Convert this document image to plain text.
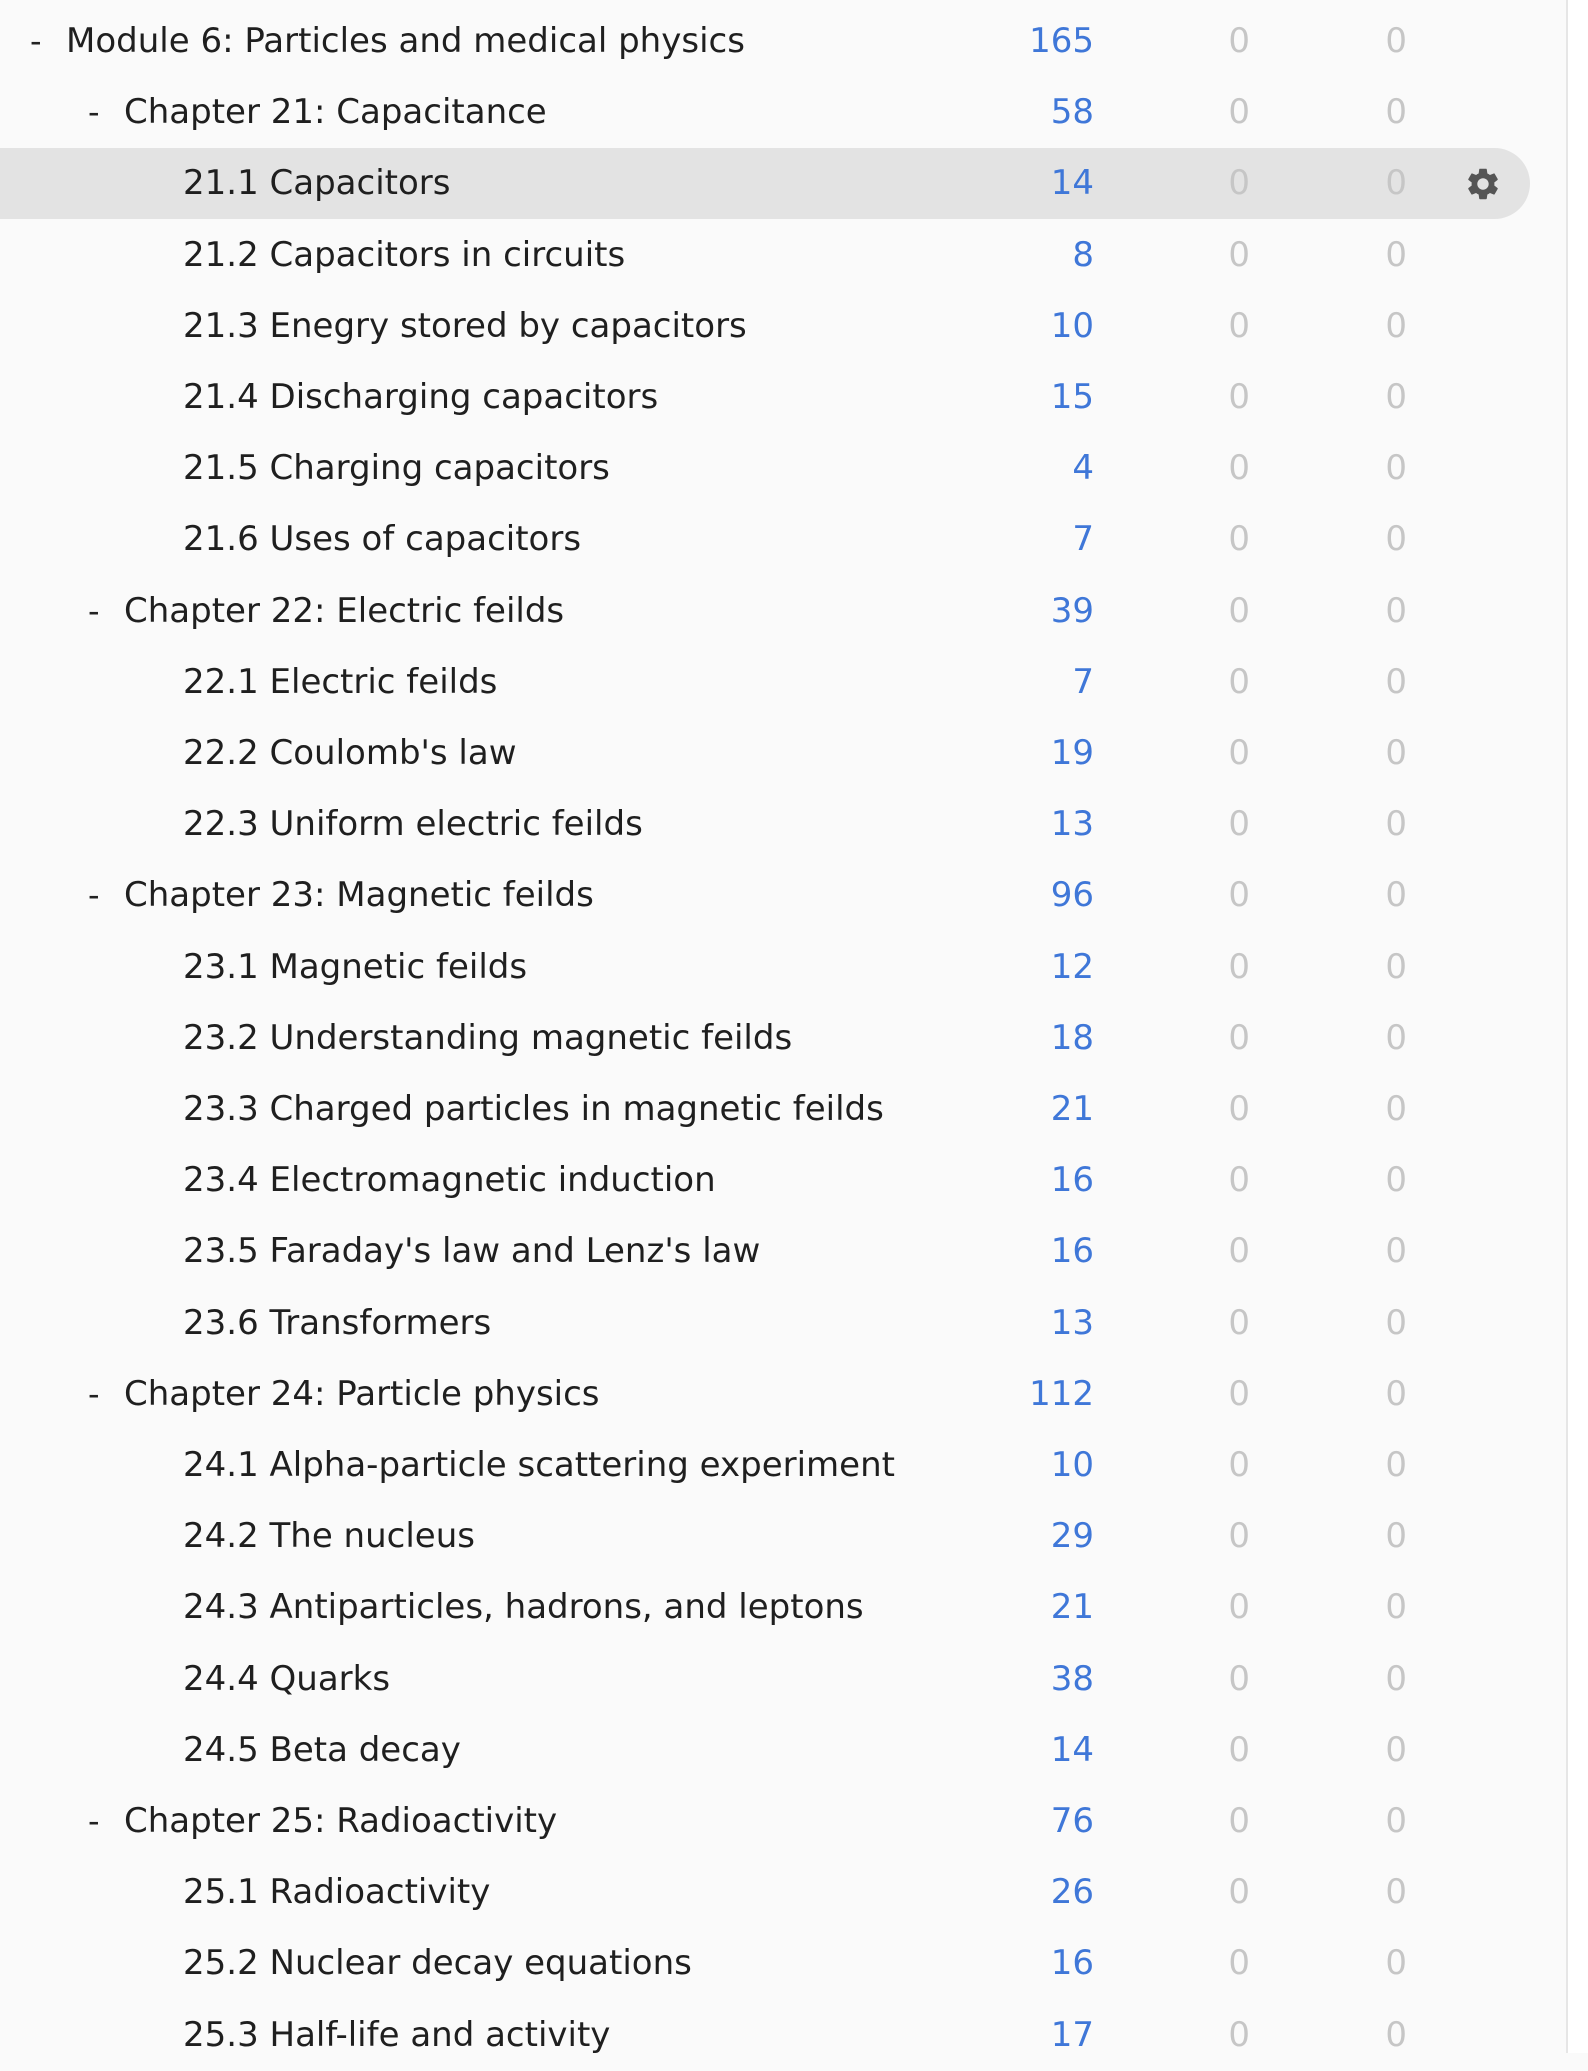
- Module 6: Particles and medical physics	165	0	0
- Chapter 21: Capacitance	58	0	0
21.1 Capacitors	14	0	0
21.2 Capacitors in circuits	8	0	0
21.3 Enegry stored by capacitors	10	0	0
21.4 Discharging capacitors	15	0	0
21.5 Charging capacitors	4	0	0
21.6 Uses of capacitors	7	0	0
- Chapter 22: Electric feilds	39	0	0
22.1 Electric feilds	7	0	0
22.2 Coulomb's law	19	0	0
22.3 Uniform electric feilds	13	0	0
- Chapter 23: Magnetic feilds	96	0	0
23.1 Magnetic feilds	12	0	0
23.2 Understanding magnetic feilds	18	0	0
23.3 Charged particles in magnetic feilds	21	0	0
23.4 Electromagnetic induction	16	0	0
23.5 Faraday's law and Lenz's law	16	0	0
23.6 Transformers	13	0	0
- Chapter 24: Particle physics	112	0	0
24.1 Alpha-particle scattering experiment	10	0	0
24.2 The nucleus	29	0	0
24.3 Antiparticles, hadrons, and leptons	21	0	0
24.4 Quarks	38	0	0
24.5 Beta decay	14	0	0
- Chapter 25: Radioactivity	76	0	0
25.1 Radioactivity	26	0	0
25.2 Nuclear decay equations	16	0	0
25.3 Half-life and activity	17	0	0
